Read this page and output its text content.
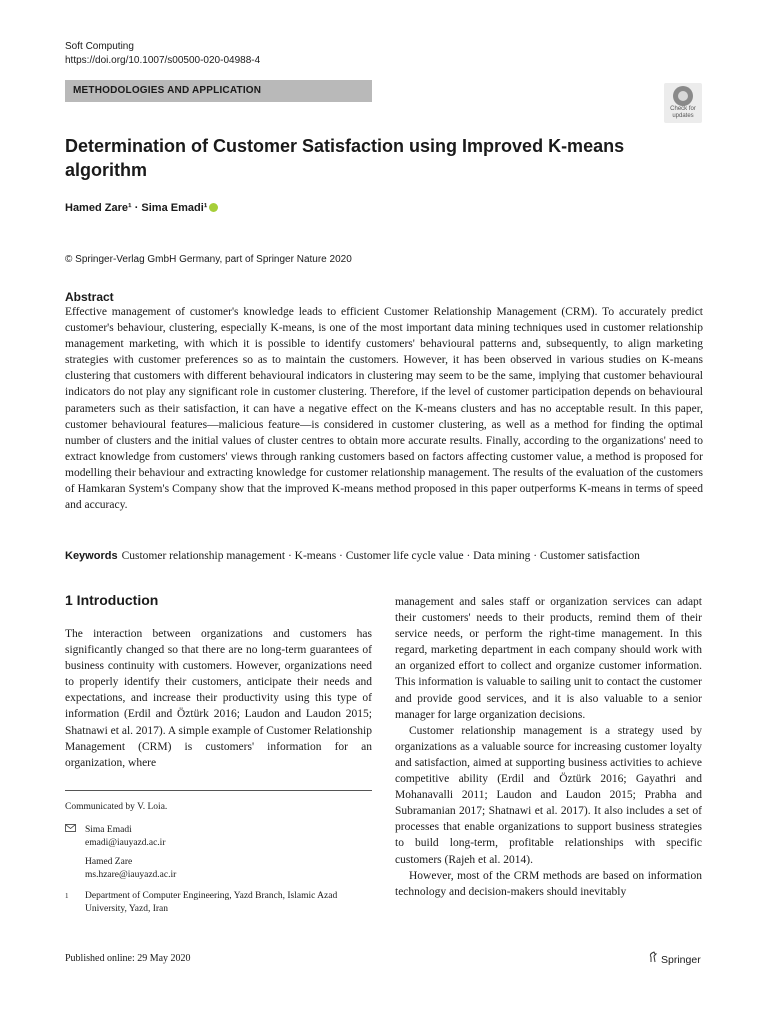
Soft Computing
https://doi.org/10.1007/s00500-020-04988-4
METHODOLOGIES AND APPLICATION
Check for updates
Determination of Customer Satisfaction using Improved K-means
algorithm
Hamed Zare¹ · Sima Emadi¹
© Springer-Verlag GmbH Germany, part of Springer Nature 2020
Abstract
Effective management of customer's knowledge leads to efficient Customer Relationship Management (CRM). To accurately predict customer's behaviour, clustering, especially K-means, is one of the most important data mining techniques used in customer relationship management marketing, with which it is possible to identify customers' behavioural patterns and, subsequently, to align marketing strategies with customer preferences so as to maintain the customers. However, it has been observed in various studies on K-means clustering that customers with different behavioural indicators in clustering may seem to be the same, implying that customer behavioural indicators do not play any significant role in customer clustering. Therefore, if the level of customer participation depends on behavioural parameters such as their satisfaction, it can have a negative effect on the K-means clusters and has no acceptable result. In this paper, customer behavioural features—malicious feature—is considered in customer clustering, as well as a method for finding the optimal number of clusters and the initial values of cluster centres to obtain more accurate results. Finally, according to the organizations' need to extract knowledge from customers' views through ranking customers based on factors affecting customer value, a method is proposed for modelling their behaviour and extracting knowledge for customer relationship management. The results of the evaluation of the customers of Hamkaran System's Company show that the improved K-means method proposed in this paper outperforms K-means in terms of speed and accuracy.
Keywords Customer relationship management · K-means · Customer life cycle value · Data mining · Customer satisfaction
1 Introduction

The interaction between organizations and customers has significantly changed so that there are no long-term guarantees of business continuity with customers. However, organizations need to properly identify their customers, anticipate their needs and expectations, and increase their productivity using this type of information (Erdil and Öztürk 2016; Laudon and Laudon 2015; Shatnawi et al. 2017). A simple example of Customer Relationship Management (CRM) is customers' information for an organization, where

management and sales staff or organization services can adapt their customers' needs to their products, remind them of their service needs, or perform the right-time management. In this regard, marketing department in each company should work with an organized effort to collect and organize customer information. This information is valuable to sailing unit to contact the customer and provide good services, and it is also valuable to a senior manager for large organization decisions.

Customer relationship management is a strategy used by organizations as a valuable source for increasing customer loyalty and satisfaction, aimed at supporting business activities to achieve competitive ability (Erdil and Öztürk 2016; Gayathri and Mohanavalli 2011; Laudon and Laudon 2015; Prabha and Subramanian 2017; Shatnawi et al. 2017). It also includes a set of processes that enable organizations to support business strategies to build long-term, profitable relationships with specific customers (Rajeh et al. 2014).

However, most of the CRM methods are based on information technology and decision-makers should inevitably

Communicated by V. Loia.
Sima Emadi
emadi@iauyazd.ac.ir
Hamed Zare
ms.hzare@iauyazd.ac.ir
1	Department of Computer Engineering, Yazd Branch, Islamic Azad University, Yazd, Iran
Published online: 29 May 2020	Springer
